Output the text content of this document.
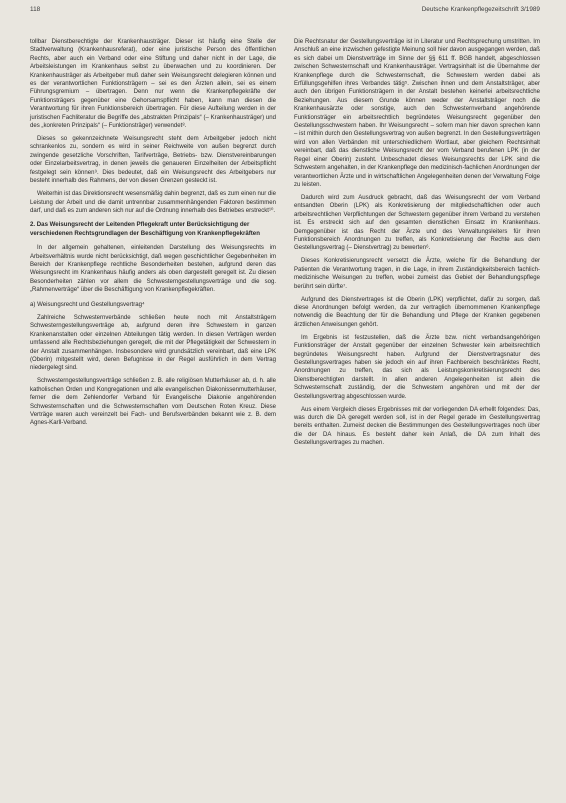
118	Deutsche Krankenpflegezeitschrift 3/1989
tollbar Dienstberechtigte der Krankenhausträger. Dieser ist häufig eine Stelle der Stadtverwaltung (Krankenhausreferat), oder eine juristische Person des öffentlichen Rechts, aber auch ein Verband oder eine Stiftung und daher nicht in der Lage, die Arbeitsleistungen im Krankenhaus selbst zu überwachen und zu koordinieren. Der Krankenhausträger als Arbeitgeber muß daher sein Weisungsrecht delegieren können und es der verantwortlichen Funktionsträgern – sei es den Ärzten allein, sei es einem Führungsgremium – übertragen. Denn nur wenn die Krankenpflegekräfte der Funktionsträgers gegenüber eine Gehorsamspflicht haben, kann man diesen die Verantwortung für ihren Funktionsbereich übertragen. Für diese Aufteilung werden in der juristischen Fachliteratur die Begriffe des „abstrakten Prinzipals“ (– Krankenhausträger) und des „konkreten Prinzipals“ (– Funktionsträger) verwendet⁸.
Dieses so gekennzeichnete Weisungsrecht steht dem Arbeitgeber jedoch nicht schrankenlos zu, sondern es wird in seiner Reichweite von außen begrenzt durch zwingende gesetzliche Vorschriften, Tarifverträge, Betriebs- bzw. Dienstvereinbarungen oder Einzelarbeitsvertrag, in denen jeweils die genaueren Einzelheiten der Arbeitspflicht festgelegt sein können⁹. Dies bedeutet, daß ein Weisungsrecht des Arbeitgebers nur besteht innerhalb des Rahmens, der von diesen Grenzen gesteckt ist.
Weiterhin ist das Direktionsrecht wesensmäßig dahin begrenzt, daß es zum einen nur die Leistung der Arbeit und die damit untrennbar zusammenhängenden Faktoren bestimmen darf, und daß es zum anderen sich nur auf die Ordnung innerhalb des Betriebes erstreckt¹⁰.
2. Das Weisungsrecht der Leitenden Pflegekraft unter Berücksichtigung der verschiedenen Rechtsgrundlagen der Beschäftigung von Krankenpflegekräften
In der allgemein gehaltenen, einleitenden Darstellung des Weisungsrechts im Arbeitsverhältnis wurde nicht berücksichtigt, daß wegen geschichtlicher Gegebenheiten im Bereich der Krankenpflege rechtliche Besonderheiten bestehen, aufgrund deren das Weisungsrecht im Krankenhaus häufig anders als oben dargestellt geregelt ist. Zu diesen Besonderheiten zählen vor allem die Schwesterngestellungsverträge und die sog. „Rahmenverträge“ über die Beschäftigung von Krankenpflegekräften.
a) Weisungsrecht und Gestellungsvertrag⁴
Zahlreiche Schwesternverbände schließen heute noch mit Anstaltsträgern Schwesterngestellungsverträge ab, aufgrund deren ihre Schwestern in ganzen Krankenanstalten oder einzelnen Abteilungen tätig werden. In diesen Verträgen werden umfassend alle Rechtsbeziehungen geregelt, die mit der Pflegetätigkeit der Schwestern in der Anstalt zusammenhängen. Insbesondere wird grundsätzlich vereinbart, daß eine LPK (Oberin) mitgestellt wird, deren Befugnisse in der Regel ausführlich in dem Vertrag niedergelegt sind.
Schwesterngestellungsverträge schließen z. B. alle religiösen Mutterhäuser ab, d. h. alle katholischen Orden und Kongregationen und alle evangelischen Diakonissenmutterhäuser, ferner die dem Zehlendorfer Verband für Evangelische Diakonie angehörenden Schwesternschaften und die Schwesternschaften vom Deutschen Roten Kreuz. Diese Verträge waren auch vereinzelt bei Fach- und Berufsverbänden bekannt wie z. B. dem Agnes-Karll-Verband.
Die Rechtsnatur der Gestellungsverträge ist in Literatur und Rechtsprechung umstritten. Im Anschluß an eine inzwischen gefestigte Meinung soll hier davon ausgegangen werden, daß es sich dabei um Dienstverträge im Sinne der §§ 611 ff. BGB handelt, abgeschlossen zwischen Schwesternschaft und Krankenhausträger. Vertragsinhalt ist die Übernahme der Krankenpflege durch die Schwesternschaft, die Schwestern werden dabei als Erfüllungsgehilfen ihres Verbandes tätig⁵. Zwischen ihnen und dem Anstaltsträger, aber auch den übrigen Funktionsträgern in der Anstalt bestehen keinerlei arbeitsrechtliche Beziehungen. Aus diesem Grunde können weder der Anstaltsträger noch die Krankenhausärzte oder sonstige, auch den Schwesternverband angehörende Funktionsträger ein arbeitsrechtlich begründetes Weisungsrecht gegenüber den Gestellungsschwestern haben. Ihr Weisungsrecht – sofern man hier davon sprechen kann – ist mithin durch den Gestellungsvertrag von außen begrenzt. In den Gestellungsverträgen wird von allen Verbänden mit unterschiedlichem Wortlaut, aber gleichem Rechtsinhalt vereinbart, daß das dienstliche Weisungsrecht der vom Verband berufenen LPK (in der Regel einer Oberin) zusteht. Unbeschadet dieses Weisungsrechts der LPK sind die Schwestern angehalten, in der Krankenpflege den medizinisch-fachlichen Anordnungen der verantwortlichen Ärzte und in wirtschaftlichen Angelegenheiten denen der Verwaltung Folge zu leisten.
Dadurch wird zum Ausdruck gebracht, daß das Weisungsrecht der vom Verband entsandten Oberin (LPK) als Konkretisierung der mitgliedschaftlichen oder auch arbeitsrechtlichen Verpflichtungen der Schwestern gegenüber ihrem Verband zu verstehen ist. Es erstreckt sich auf den gesamten dienstlichen Einsatz im Krankenhaus. Demgegenüber ist das Recht der Ärzte und des Verwaltungsleiters für ihren Funktionsbereich Anordnungen zu treffen, als Konkretisierung der Rechte aus dem Gestellungsvertrag (– Dienstvertrag) zu bewerten⁶.
Dieses Konkretisierungsrecht versetzt die Ärzte, welche für die Behandlung der Patienten die Verantwortung tragen, in die Lage, in ihrem Zuständigkeitsbereich fachlich-medizinische Weisungen zu treffen, wobei zumeist das Gebiet der Behandlungspflege berührt sein dürfte⁷.
Aufgrund des Dienstvertrages ist die Oberin (LPK) verpflichtet, dafür zu sorgen, daß diese Anordnungen befolgt werden, da zur vertraglich übernommenen Krankenpflege notwendig die Beachtung der für die Behandlung und Pflege der Kranken gegebenen ärztlichen Anweisungen gehört.
Im Ergebnis ist festzustellen, daß die Ärzte bzw. nicht verbandsangehörigen Funktionsträger der Anstalt gegenüber der einzelnen Schwester kein arbeitsrechtlich begründetes Weisungsrecht haben. Aufgrund der Dienstvertragsnatur des Gestellungsvertrages haben sie jedoch ein auf ihren Fachbereich beschränktes Recht, Anordnungen zu treffen, das sich als Leistungskonkretisierungsrecht des Dienstberechtigten darstellt. In allen anderen Angelegenheiten ist allein die Schwesternschaft zuständig, der die Schwestern angehören und mit der der Gestellungsvertrag abgeschlossen wurde.
Aus einem Vergleich dieses Ergebnisses mit der vorliegenden DA erhellt folgendes: Das, was durch die DA geregelt werden soll, ist in der Regel gerade im Gestellungsvertrag bereits enthalten. Zumeist decken die Bestimmungen des Gestellungsvertrages noch über die der DA hinaus. Es besteht daher kein Anlaß, die DA zum Inhalt des Gestellungsvertrages zu machen.
